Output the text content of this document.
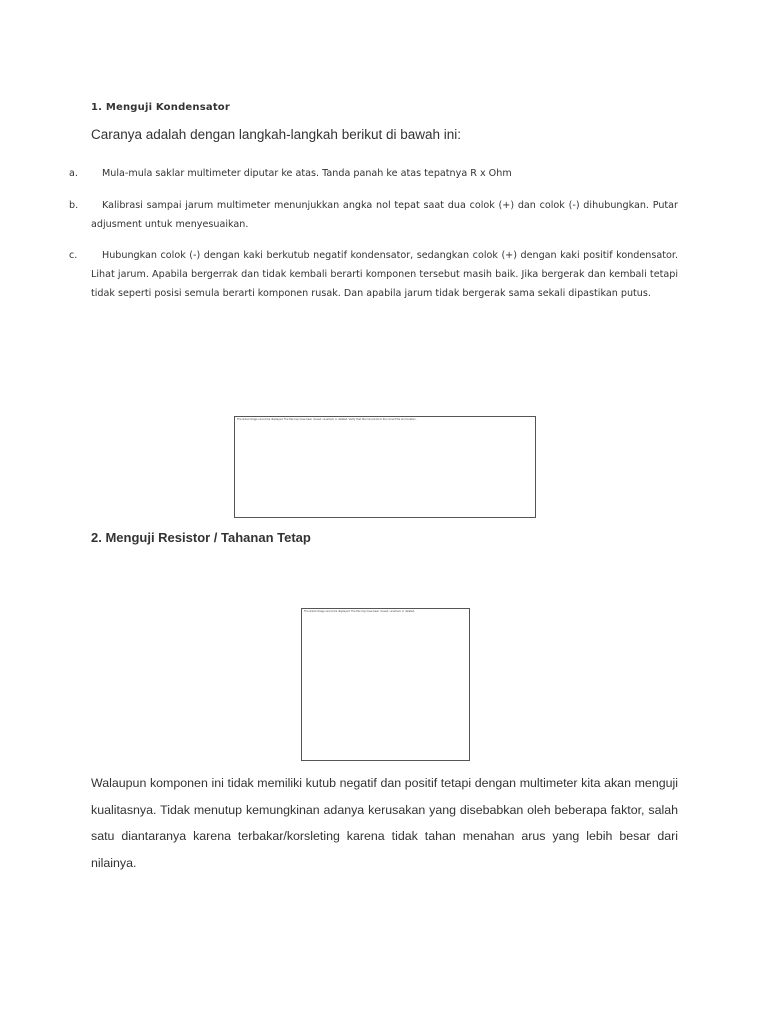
1. Menguji Kondensator
Caranya adalah dengan langkah-langkah berikut di bawah ini:
a.	Mula-mula saklar multimeter diputar ke atas. Tanda panah ke atas tepatnya R x Ohm
b.	Kalibrasi sampai jarum multimeter menunjukkan angka nol tepat saat dua colok (+) dan colok (-) dihubungkan. Putar adjusment untuk menyesuaikan.
c.	Hubungkan colok (-) dengan kaki berkutub negatif kondensator, sedangkan colok (+) dengan kaki positif kondensator. Lihat jarum. Apabila bergerrak dan tidak kembali berarti komponen tersebut masih baik. Jika bergerak dan kembali tetapi tidak seperti posisi semula berarti komponen rusak. Dan apabila jarum tidak bergerak sama sekali dipastikan putus.
The linked image cannot be displayed. The file may have been moved, renamed, or deleted. Verify that the link points to the correct file and location.
2. Menguji Resistor / Tahanan Tetap
The linked image cannot be displayed. The file may have been moved, renamed, or deleted.
Walaupun komponen ini tidak memiliki kutub negatif dan positif tetapi dengan multimeter kita akan menguji kualitasnya. Tidak menutup kemungkinan adanya kerusakan yang disebabkan oleh beberapa faktor, salah satu diantaranya karena terbakar/korsleting karena tidak tahan menahan arus yang lebih besar dari nilainya.
